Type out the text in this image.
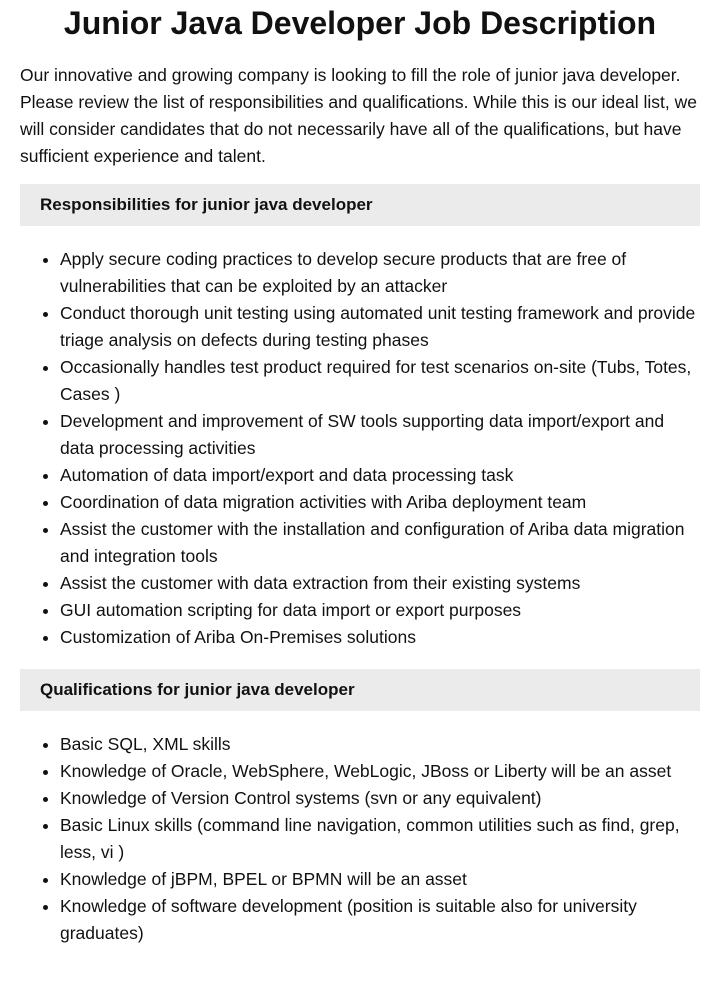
Junior Java Developer Job Description

Our innovative and growing company is looking to fill the role of junior java developer. Please review the list of responsibilities and qualifications. While this is our ideal list, we will consider candidates that do not necessarily have all of the qualifications, but have sufficient experience and talent.

Responsibilities for junior java developer
• Apply secure coding practices to develop secure products that are free of vulnerabilities that can be exploited by an attacker
• Conduct thorough unit testing using automated unit testing framework and provide triage analysis on defects during testing phases
• Occasionally handles test product required for test scenarios on-site (Tubs, Totes, Cases )
• Development and improvement of SW tools supporting data import/export and data processing activities
• Automation of data import/export and data processing task
• Coordination of data migration activities with Ariba deployment team
• Assist the customer with the installation and configuration of Ariba data migration and integration tools
• Assist the customer with data extraction from their existing systems
• GUI automation scripting for data import or export purposes
• Customization of Ariba On-Premises solutions
Qualifications for junior java developer
• Basic SQL, XML skills
• Knowledge of Oracle, WebSphere, WebLogic, JBoss or Liberty will be an asset
• Knowledge of Version Control systems (svn or any equivalent)
• Basic Linux skills (command line navigation, common utilities such as find, grep, less, vi )
• Knowledge of jBPM, BPEL or BPMN will be an asset
• Knowledge of software development (position is suitable also for university graduates)
